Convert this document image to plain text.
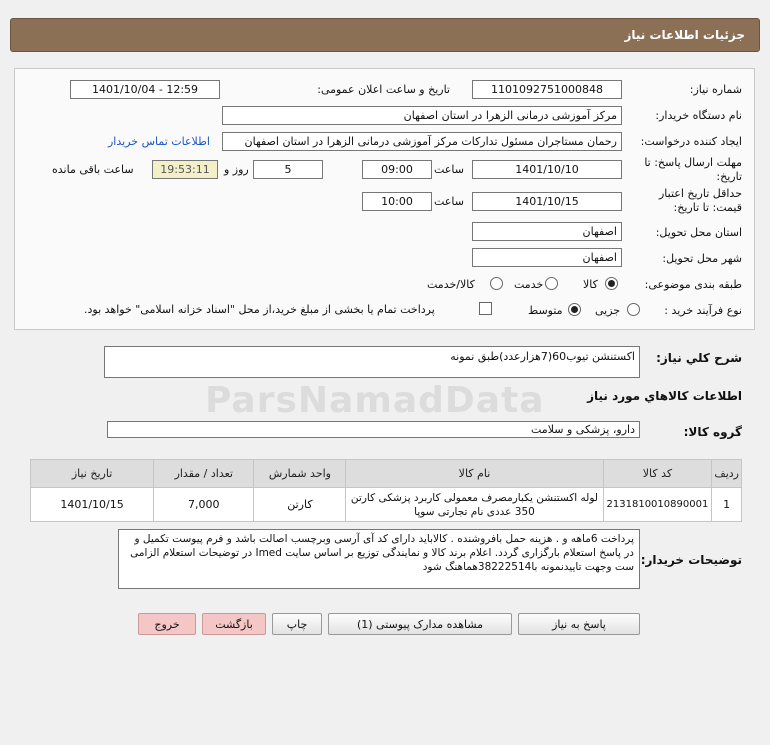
جزئیات اطلاعات نیاز
شماره نیاز:
1101092751000848
تاریخ و ساعت اعلان عمومی:
1401/10/04 - 12:59
نام دستگاه خریدار:
مرکز آموزشی درمانی الزهرا در استان اصفهان
ایجاد کننده درخواست:
رحمان مستاجران مسئول تدارکات مرکز آموزشی درمانی الزهرا در استان اصفهان
اطلاعات تماس خریدار
مهلت ارسال پاسخ: تا
تاریخ:
1401/10/10
ساعت
09:00
5
روز و
19:53:11
ساعت باقی مانده
حداقل تاریخ اعتبار
قیمت: تا تاریخ:
1401/10/15
ساعت
10:00
استان محل تحویل:
اصفهان
شهر محل تحویل:
اصفهان
طبقه بندی موضوعی:
کالا
خدمت
کالا/خدمت
نوع فرآیند خرید :
جزیی
متوسط
پرداخت تمام یا بخشی از مبلغ خرید،از محل "اسناد خزانه اسلامی" خواهد بود.
شرح کلي نياز:
اکستنشن تیوب60(7هزارعدد)طبق نمونه
ParsNamadData	اطلاعات کالاهاي مورد نياز
گروه کالا:
دارو، پزشکی و سلامت
ردیف	کد کالا	نام کالا	واحد شمارش	تعداد / مقدار	تاریخ نیاز
1	2131810010890001	لوله اکستنشن یکبارمصرف معمولی کاربرد پزشکی کارتن 350 عددی نام تجارتی سوپا	کارتن	7,000	1401/10/15
توضیحات خریدار:
پرداخت 6ماهه و . هزینه حمل بافروشنده . کالاباید دارای کد آی آرسی وبرچسب اصالت باشد و فرم پیوست تکمیل و در پاسخ استعلام بارگزاری گردد. اعلام برند کالا و نمایندگی توزیع بر اساس سایت Imed در توضیحات استعلام الزامی ست وجهت تاییدنمونه با38222514هماهنگ شود
پاسخ به نیاز
مشاهده مدارک پیوستی (1)
چاپ
بازگشت
خروج
